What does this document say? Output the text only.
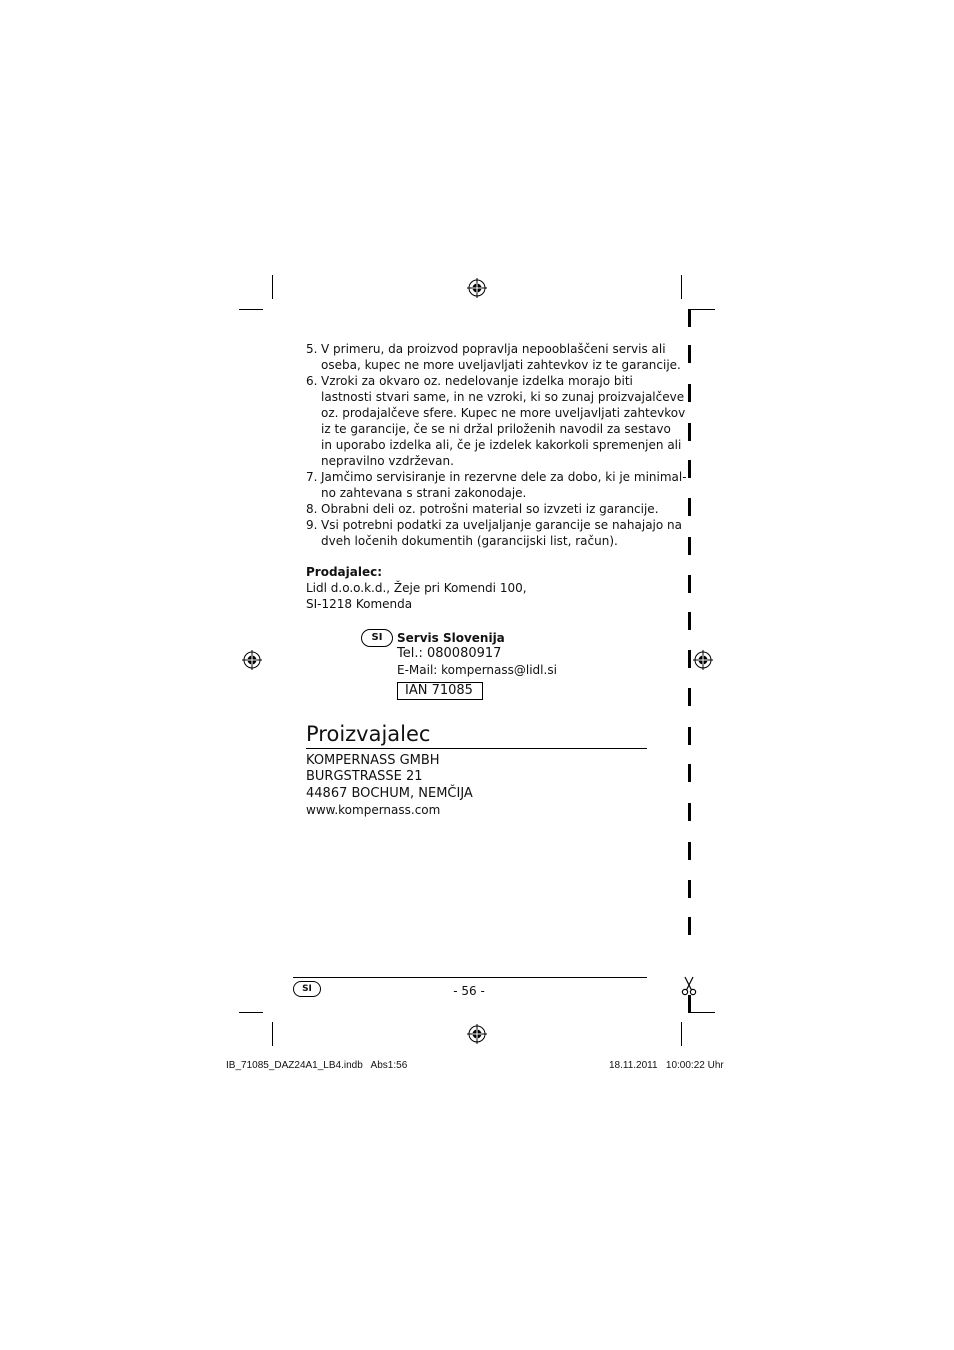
5. V primeru, da proizvod popravlja nepooblaščeni servis ali
oseba, kupec ne more uveljavljati zahtevkov iz te garancije.
6. Vzroki za okvaro oz. nedelovanje izdelka morajo biti
lastnosti stvari same, in ne vzroki, ki so zunaj proizvajalčeve
oz. prodajalčeve sfere. Kupec ne more uveljavljati zahtevkov
iz te garancije, če se ni držal priloženih navodil za sestavo
in uporabo izdelka ali, če je izdelek kakorkoli spremenjen ali
nepravilno vzdrževan.
7. Jamčimo servisiranje in rezervne dele za dobo, ki je minimal-
no zahtevana s strani zakonodaje.
8. Obrabni deli oz. potrošni material so izvzeti iz garancije.
9. Vsi potrebni podatki za uveljaljanje garancije se nahajajo na
dveh ločenih dokumentih (garancijski list, račun).
Prodajalec:
Lidl d.o.o.k.d., Žeje pri Komendi 100,
SI-1218 Komenda
SI	Servis Slovenija
Tel.: 080080917
E-Mail: kompernass@lidl.si
IAN 71085
Proizvajalec
KOMPERNASS GMBH
BURGSTRASSE 21
44867 BOCHUM, NEMČIJA
www.kompernass.com
SI	- 56 -
IB_71085_DAZ24A1_LB4.indb   Abs1:56	18.11.2011   10:00:22 Uhr
